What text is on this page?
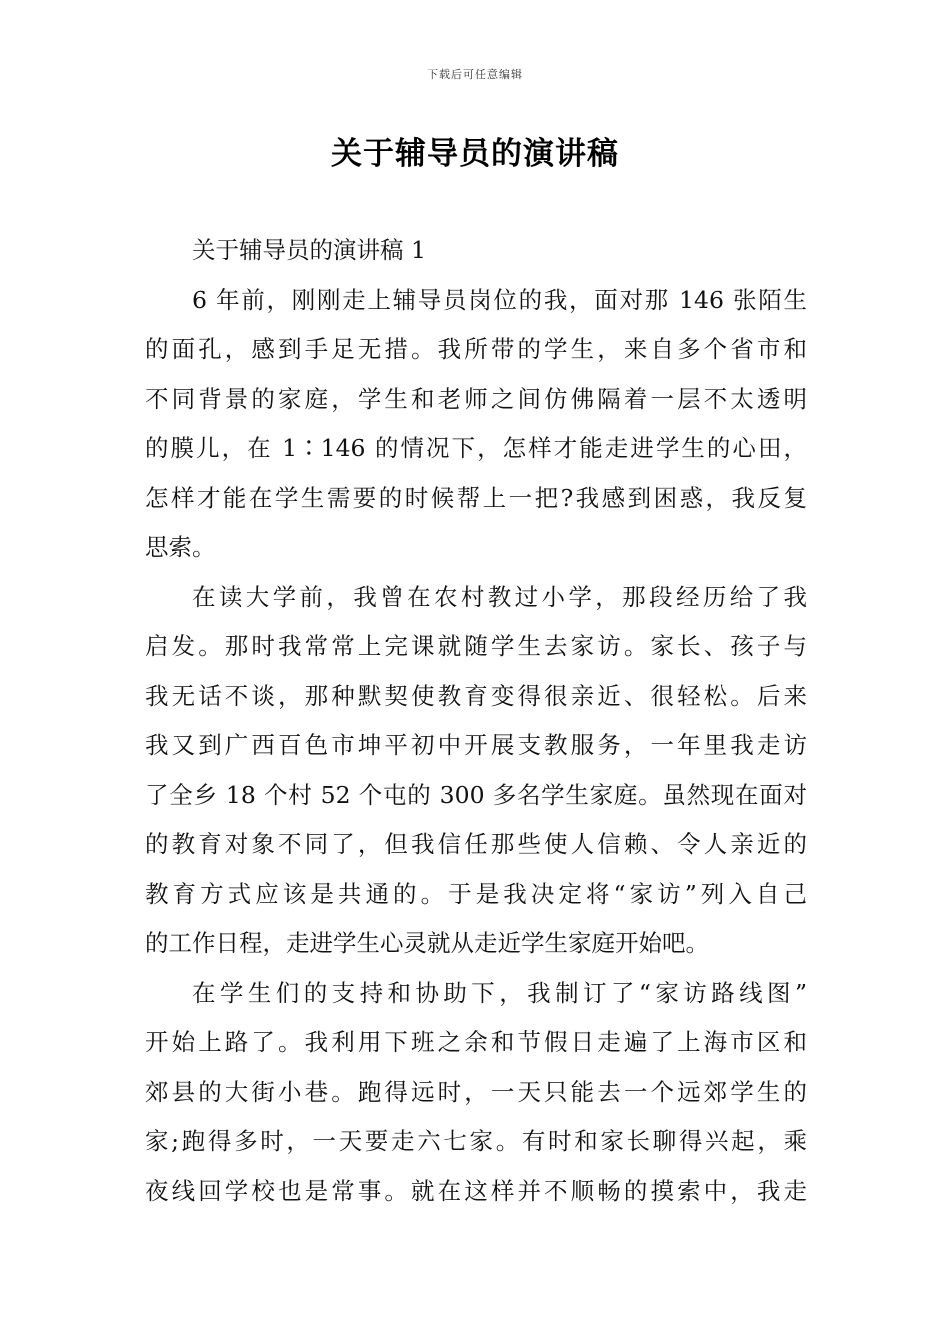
下载后可任意编辑
关于辅导员的演讲稿

关于辅导员的演讲稿 1

6 年前，刚刚走上辅导员岗位的我，面对那 146 张陌生
的面孔，感到手足无措。我所带的学生，来自多个省市和
不同背景的家庭，学生和老师之间仿佛隔着一层不太透明
的膜儿，在 1∶146 的情况下，怎样才能走进学生的心田，
怎样才能在学生需要的时候帮上一把?我感到困惑，我反复
思索。

在读大学前，我曾在农村教过小学，那段经历给了我
启发。那时我常常上完课就随学生去家访。家长、孩子与
我无话不谈，那种默契使教育变得很亲近、很轻松。后来
我又到广西百色市坤平初中开展支教服务，一年里我走访
了全乡 18 个村 52 个屯的 300 多名学生家庭。虽然现在面对
的教育对象不同了，但我信任那些使人信赖、令人亲近的
教育方式应该是共通的。于是我决定将“家访”列入自己
的工作日程，走进学生心灵就从走近学生家庭开始吧。

在学生们的支持和协助下，我制订了“家访路线图”
开始上路了。我利用下班之余和节假日走遍了上海市区和
郊县的大街小巷。跑得远时，一天只能去一个远郊学生的
家;跑得多时，一天要走六七家。有时和家长聊得兴起，乘
夜线回学校也是常事。就在这样并不顺畅的摸索中，我走
